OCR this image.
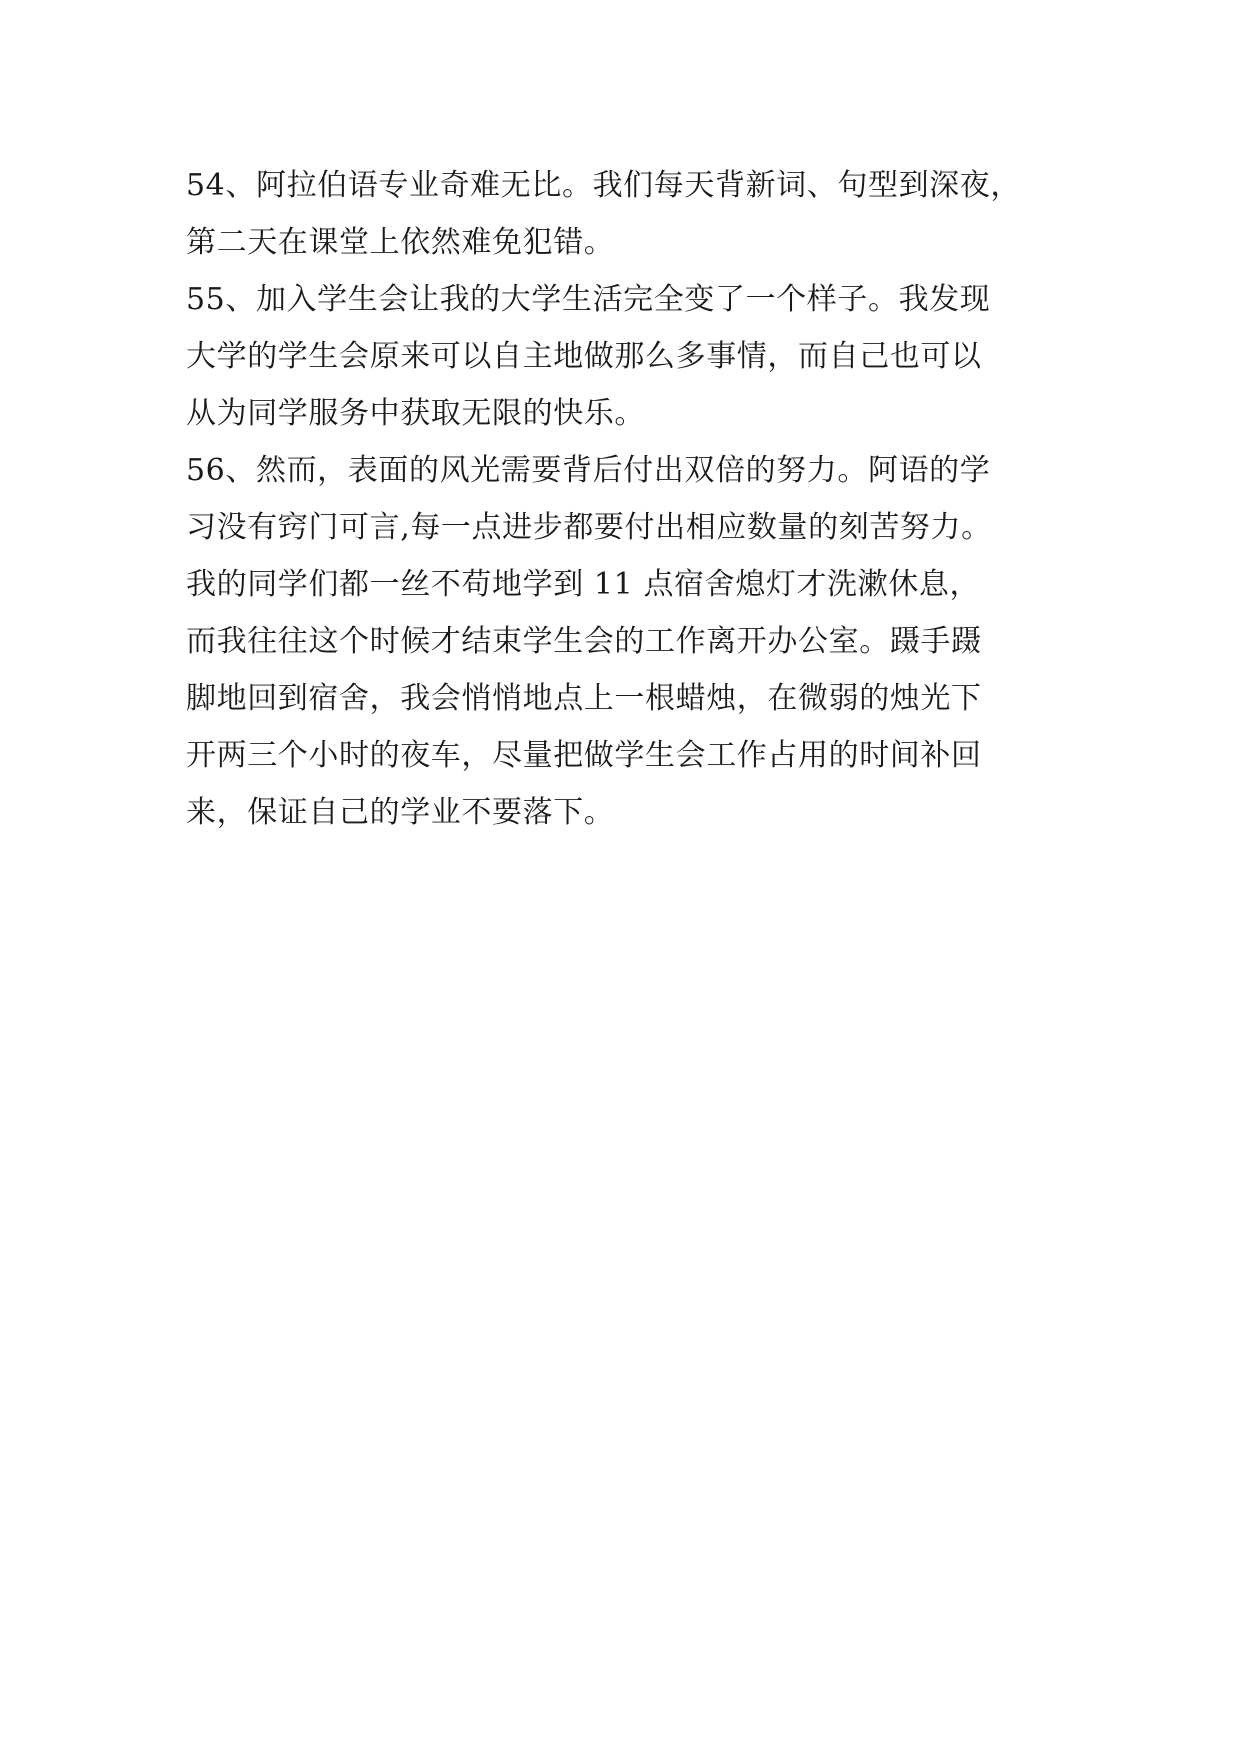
54、阿拉伯语专业奇难无比。我们每天背新词、句型到深夜，
第二天在课堂上依然难免犯错。
55、加入学生会让我的大学生活完全变了一个样子。我发现
大学的学生会原来可以自主地做那么多事情，而自己也可以
从为同学服务中获取无限的快乐。
56、然而，表面的风光需要背后付出双倍的努力。阿语的学
习没有窍门可言,每一点进步都要付出相应数量的刻苦努力。
我的同学们都一丝不苟地学到 11 点宿舍熄灯才洗漱休息，
而我往往这个时候才结束学生会的工作离开办公室。蹑手蹑
脚地回到宿舍，我会悄悄地点上一根蜡烛，在微弱的烛光下
开两三个小时的夜车，尽量把做学生会工作占用的时间补回
来，保证自己的学业不要落下。
